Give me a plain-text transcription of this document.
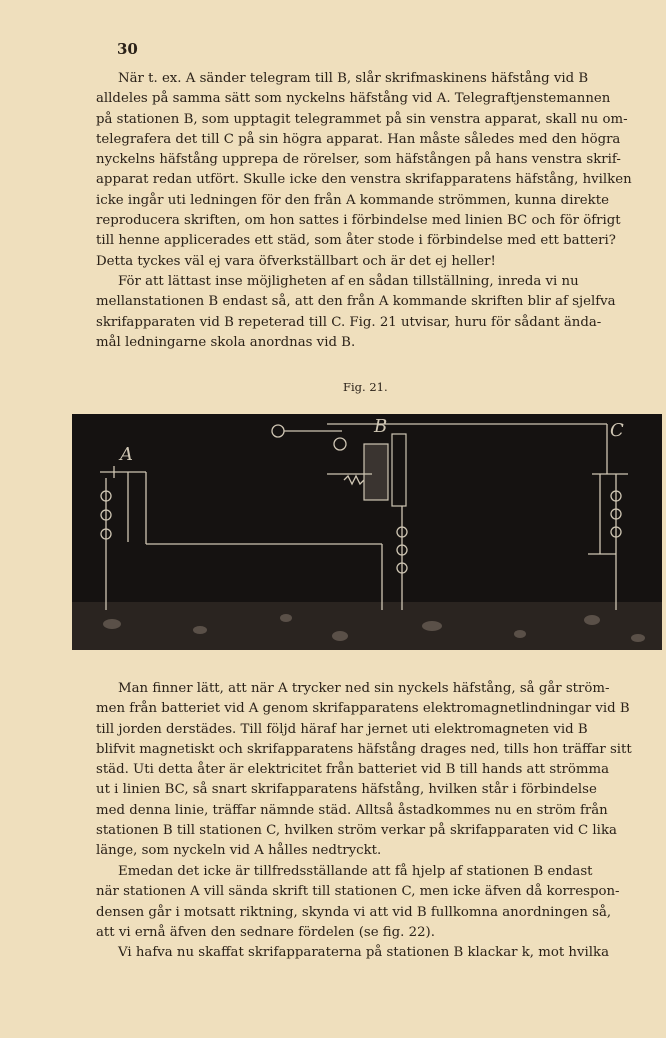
30

När t. ex. A sänder telegram till B, slår skrifmaskinens häfstång vid B
alldeles på samma sätt som nyckelns häfstång vid A. Telegraftjenstemannen
på stationen B, som upptagit telegrammet på sin venstra apparat, skall nu om-
telegrafera det till C på sin högra apparat. Han måste således med den högra
nyckelns häfstång upprepa de rörelser, som häfstången på hans venstra skrif-
apparat redan utfört. Skulle icke den venstra skrifapparatens häfstång, hvilken
icke ingår uti ledningen för den från A kommande strömmen, kunna direkte
reproducera skriften, om hon sattes i förbindelse med linien BC och för öfrigt
till henne applicerades ett städ, som åter stode i förbindelse med ett batteri?
Detta tyckes väl ej vara öfverkställbart och är det ej heller!

För att lättast inse möjligheten af en sådan tillställning, inreda vi nu
mellanstationen B endast så, att den från A kommande skriften blir af sjelfva
skrifapparaten vid B repeterad till C. Fig. 21 utvisar, huru för sådant ända-
mål ledningarne skola anordnas vid B.

Fig. 21.
A
B	C

Man finner lätt, att när A trycker ned sin nyckels häfstång, så går ström-
men från batteriet vid A genom skrifapparatens elektromagnetlindningar vid B
till jorden derstädes. Till följd häraf har jernet uti elektromagneten vid B
blifvit magnetiskt och skrifapparatens häfstång drages ned, tills hon träffar sitt
städ. Uti detta åter är elektricitet från batteriet vid B till hands att strömma
ut i linien BC, så snart skrifapparatens häfstång, hvilken står i förbindelse
med denna linie, träffar nämnde städ. Alltså åstadkommes nu en ström från
stationen B till stationen C, hvilken ström verkar på skrifapparaten vid C lika
länge, som nyckeln vid A hålles nedtryckt.

Emedan det icke är tillfredsställande att få hjelp af stationen B endast
när stationen A vill sända skrift till stationen C, men icke äfven då korrespon-
densen går i motsatt riktning, skynda vi att vid B fullkomna anordningen så,
att vi ernå äfven den sednare fördelen (se fig. 22).

Vi hafva nu skaffat skrifapparaterna på stationen B klackar k, mot hvilka
